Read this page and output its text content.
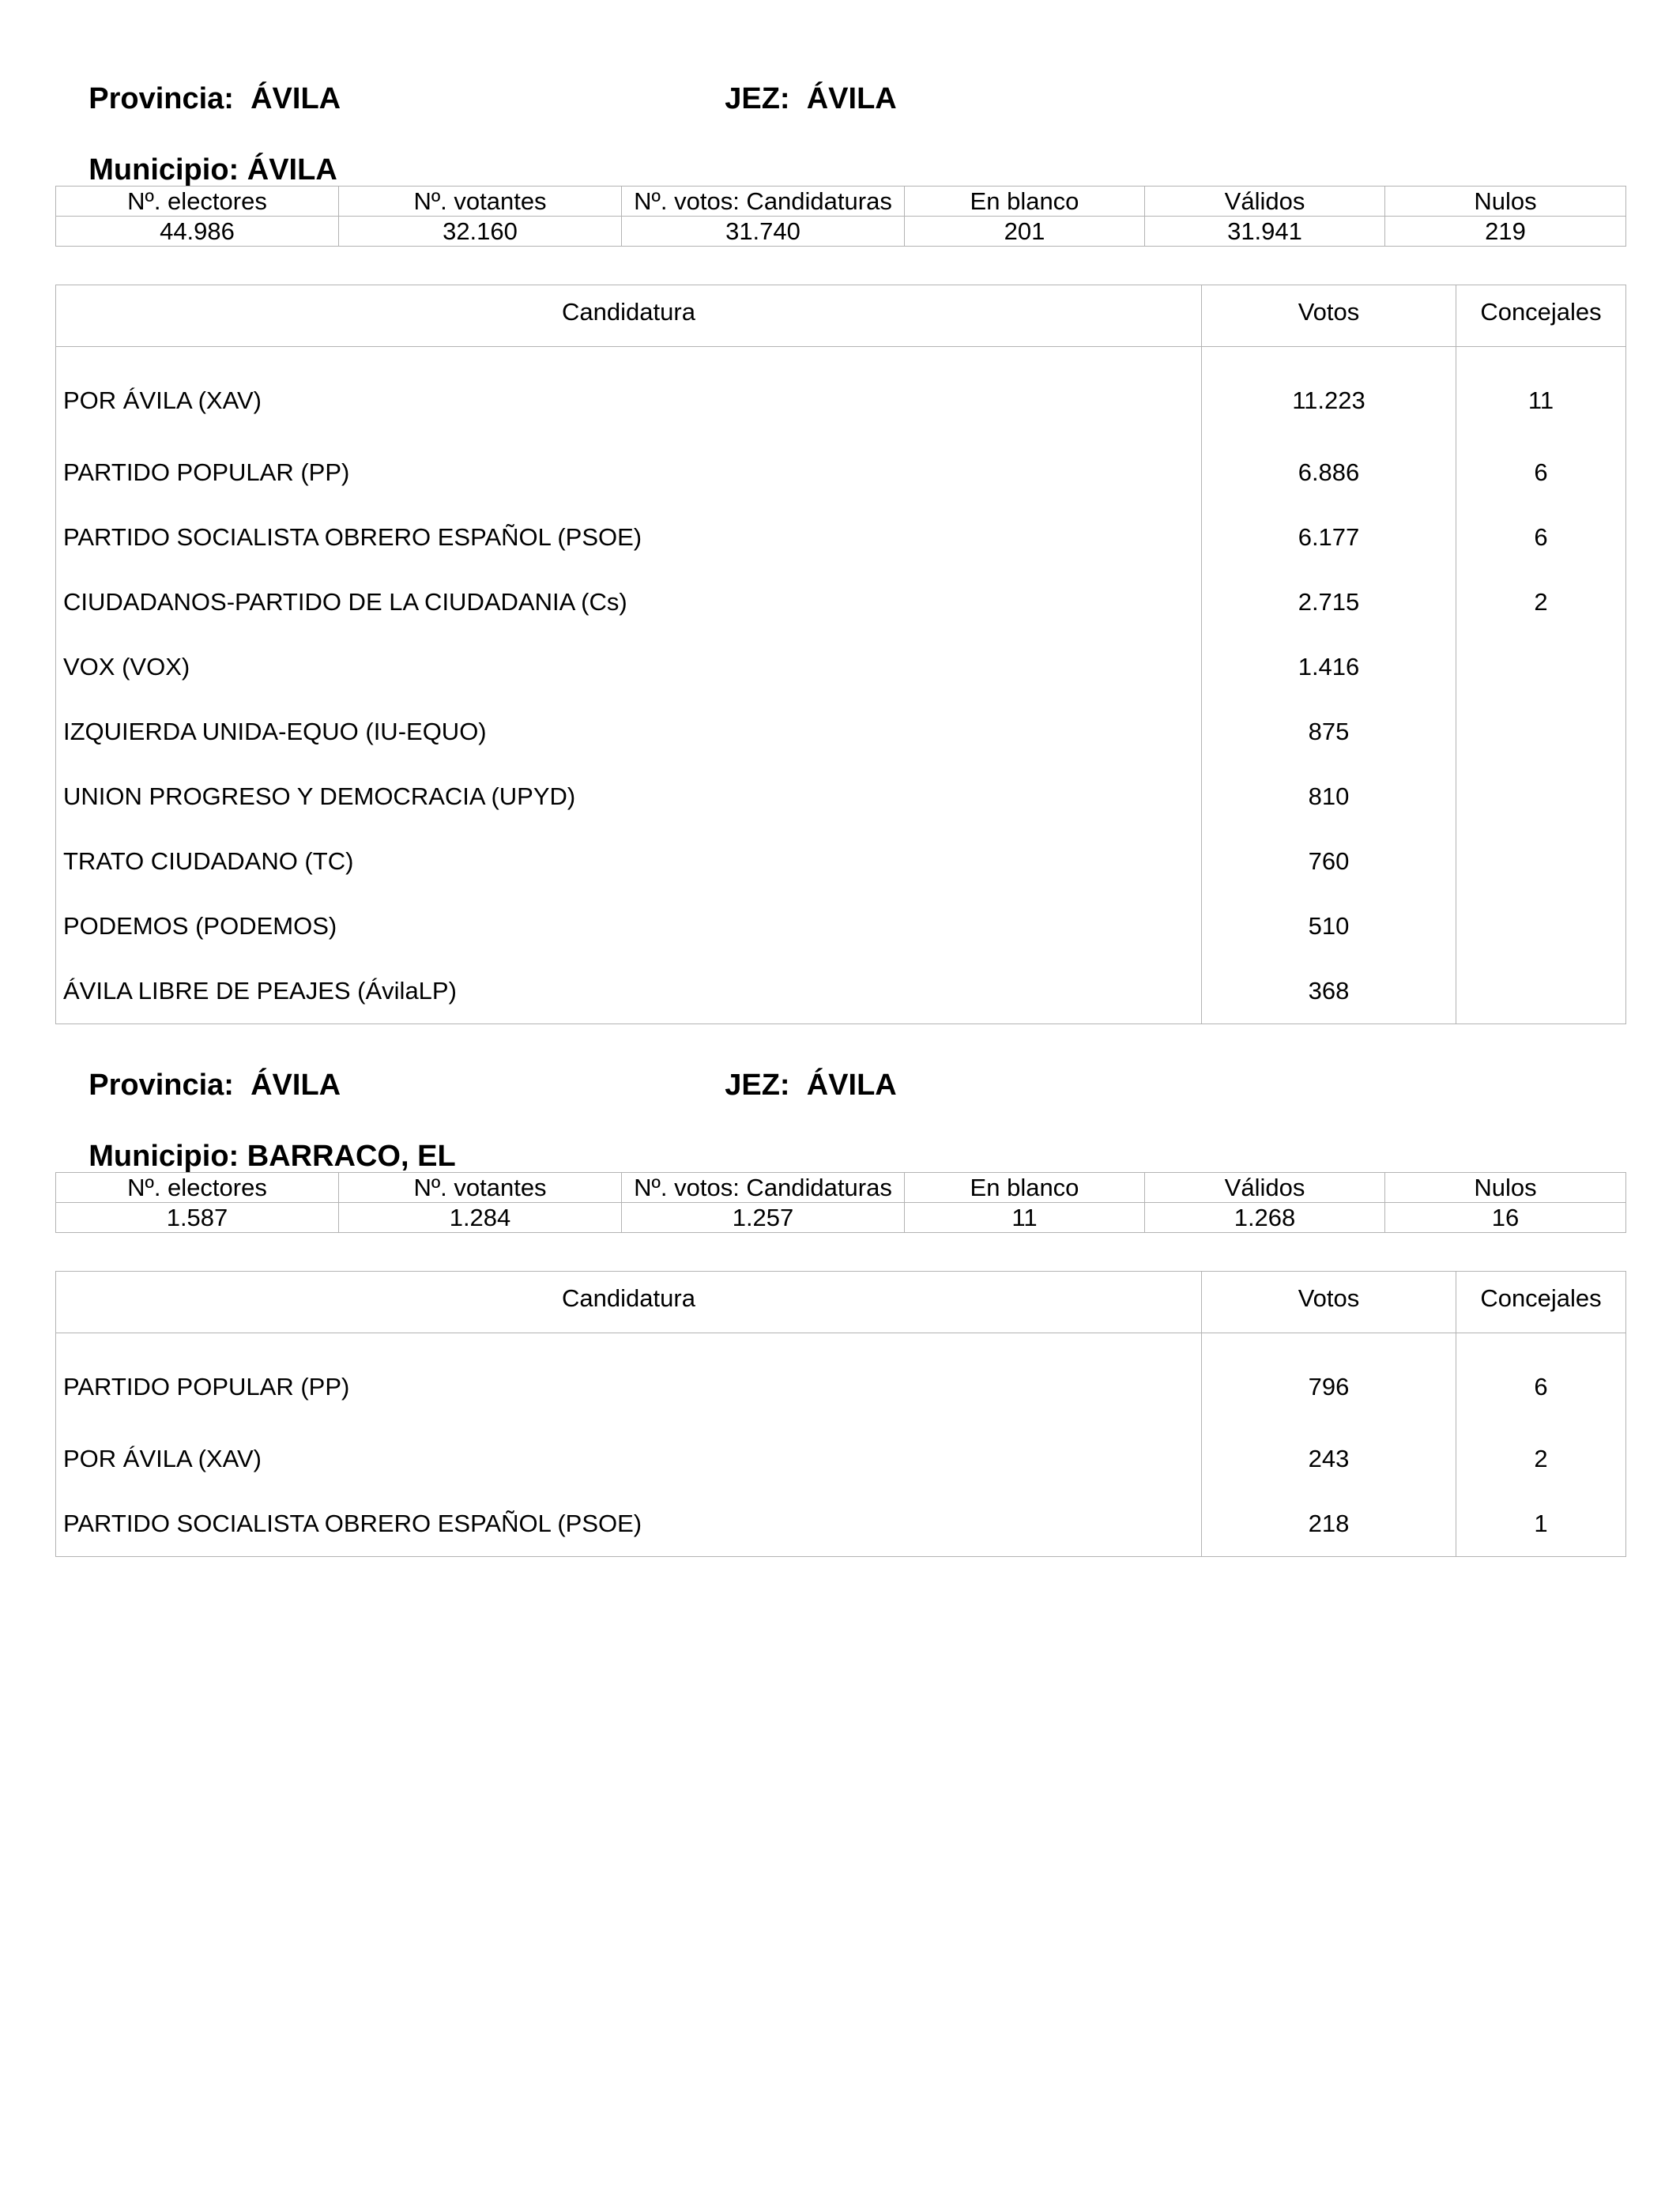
Provincia: ÁVILA
	JEZ: ÁVILA

Municipio: ÁVILA

Nº. electores	Nº. votantes	Nº. votos: Candidaturas	En blanco	Válidos	Nulos
44.986	32.160	31.740	201	31.941	219
Candidatura	Votos	Concejales
POR ÁVILA (XAV)	11.223	11
PARTIDO POPULAR (PP)	6.886	6
PARTIDO SOCIALISTA OBRERO ESPAÑOL (PSOE)	6.177	6
CIUDADANOS-PARTIDO DE LA CIUDADANIA (Cs)	2.715	2
VOX (VOX)	1.416	
IZQUIERDA UNIDA-EQUO (IU-EQUO)	875	
UNION PROGRESO Y DEMOCRACIA (UPYD)	810	
TRATO CIUDADANO (TC)	760	
PODEMOS (PODEMOS)	510	
ÁVILA LIBRE DE PEAJES (ÁvilaLP)	368	

Provincia: ÁVILA
	JEZ: ÁVILA

Municipio: BARRACO, EL

Nº. electores	Nº. votantes	Nº. votos: Candidaturas	En blanco	Válidos	Nulos
1.587	1.284	1.257	11	1.268	16
Candidatura	Votos	Concejales
PARTIDO POPULAR (PP)	796	6
POR ÁVILA (XAV)	243	2
PARTIDO SOCIALISTA OBRERO ESPAÑOL (PSOE)	218	1
